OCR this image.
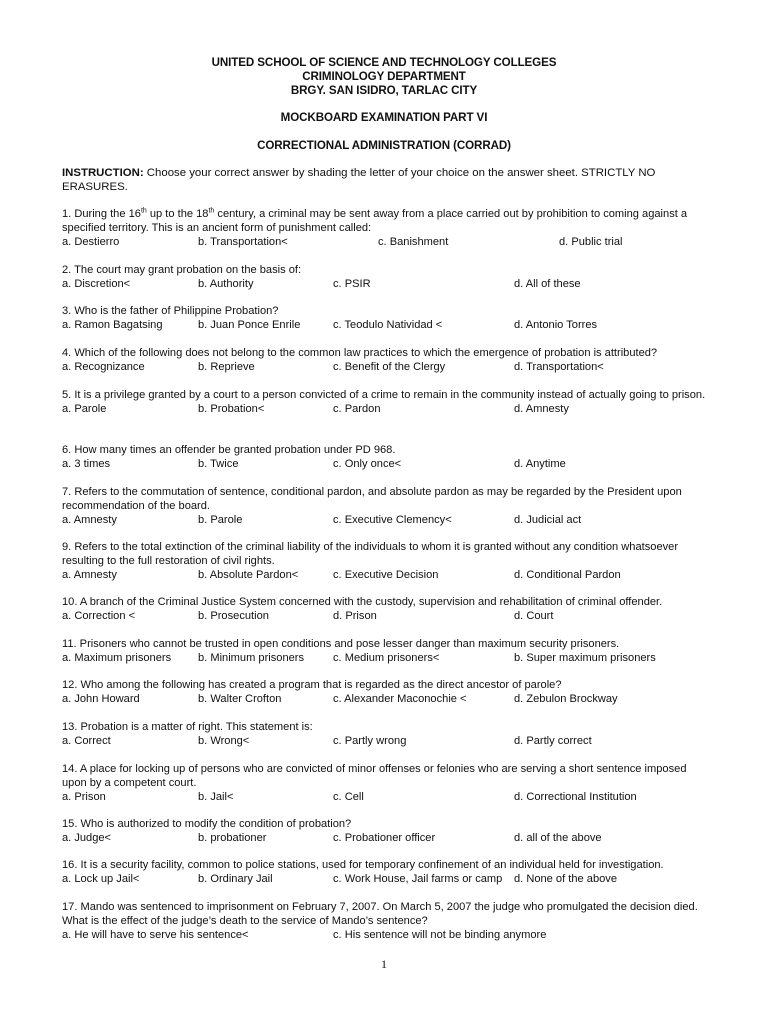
UNITED SCHOOL OF SCIENCE AND TECHNOLOGY COLLEGES
CRIMINOLOGY DEPARTMENT
BRGY. SAN ISIDRO, TARLAC CITY
MOCKBOARD EXAMINATION PART VI
CORRECTIONAL ADMINISTRATION (CORRAD)
INSTRUCTION: Choose your correct answer by shading the letter of your choice on the answer sheet. STRICTLY NO ERASURES.
1. During the 16th up to the 18th century, a criminal may be sent away from a place carried out by prohibition to coming against a specified territory. This is an ancient form of punishment called:
a. Destierro	b. Transportation<	c. Banishment	d. Public trial
2. The court may grant probation on the basis of:
a. Discretion<	b. Authority	c. PSIR	d. All of these
3. Who is the father of Philippine Probation?
a. Ramon Bagatsing	b. Juan Ponce Enrile	c. Teodulo Natividad <	d. Antonio Torres
4. Which of the following does not belong to the common law practices to which the emergence of probation is attributed?
a. Recognizance	b. Reprieve	c. Benefit of the Clergy	d. Transportation<
5. It is a privilege granted by a court to a person convicted of a crime to remain in the community instead of actually going to prison.
a. Parole	b. Probation<	c. Pardon	d. Amnesty
6. How many times an offender be granted probation under PD 968.
a. 3 times	b. Twice	c. Only once<	d. Anytime
7. Refers to the commutation of sentence, conditional pardon, and absolute pardon as may be regarded by the President upon recommendation of the board.
a. Amnesty	b. Parole	c. Executive Clemency<	d. Judicial act
9. Refers to the total extinction of the criminal liability of the individuals to whom it is granted without any condition whatsoever resulting to the full restoration of civil rights.
a. Amnesty	b. Absolute Pardon<	c. Executive Decision	d. Conditional Pardon
10. A branch of the Criminal Justice System concerned with the custody, supervision and rehabilitation of criminal offender.
a. Correction <	b. Prosecution	d. Prison	d. Court
11. Prisoners who cannot be trusted in open conditions and pose lesser danger than maximum security prisoners.
a. Maximum prisoners b. Minimum prisoners	c. Medium prisoners<	b. Super maximum prisoners
12. Who among the following has created a program that is regarded as the direct ancestor of parole?
a. John Howard	b. Walter Crofton	c. Alexander Maconochie <	d. Zebulon Brockway
13. Probation is a matter of right. This statement is:
a. Correct	b. Wrong<	c. Partly wrong	d. Partly correct
14. A place for locking up of persons who are convicted of minor offenses or felonies who are serving a short sentence imposed upon by a competent court.
a. Prison	b. Jail<	c. Cell	d. Correctional Institution
15. Who is authorized to modify the condition of probation?
a. Judge<	b. probationer	c. Probationer officer	d. all of the above
16. It is a security facility, common to police stations, used for temporary confinement of an individual held for investigation.
a. Lock up Jail<	b. Ordinary Jail	c. Work House, Jail farms or camp d. None of the above
17. Mando was sentenced to imprisonment on February 7, 2007. On March 5, 2007 the judge who promulgated the decision died. What is the effect of the judge’s death to the service of Mando’s sentence?
a. He will have to serve his sentence<	c. His sentence will not be binding anymore
1
